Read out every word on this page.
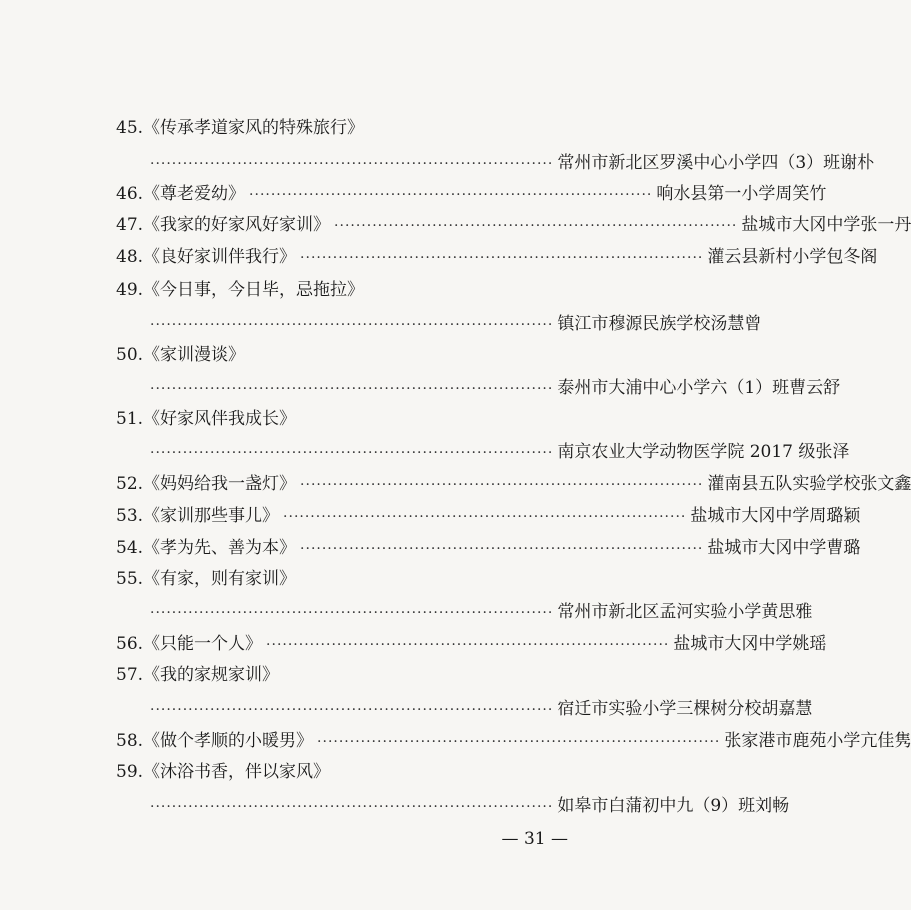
45.《传承孝道家风的特殊旅行》
·········································································· 常州市新北区罗溪中心小学四（3）班谢朴
46. 《尊老爱幼》 ·········································································· 响水县第一小学周笑竹
47. 《我家的好家风好家训》 ·········································································· 盐城市大冈中学张一丹
48. 《良好家训伴我行》 ·········································································· 灌云县新村小学包冬阁
49.《今日事，今日毕，忌拖拉》
·········································································· 镇江市穆源民族学校汤慧曾
50.《家训漫谈》
·········································································· 泰州市大浦中心小学六（1）班曹云舒
51.《好家风伴我成长》
·········································································· 南京农业大学动物医学院 2017 级张泽
52. 《妈妈给我一盏灯》 ·········································································· 灌南县五队实验学校张文鑫
53. 《家训那些事儿》 ·········································································· 盐城市大冈中学周璐颖
54. 《孝为先、善为本》 ·········································································· 盐城市大冈中学曹璐
55.《有家，则有家训》
·········································································· 常州市新北区孟河实验小学黄思雅
56. 《只能一个人》 ·········································································· 盐城市大冈中学姚瑶
57.《我的家规家训》
·········································································· 宿迁市实验小学三棵树分校胡嘉慧
58. 《做个孝顺的小暖男》 ·········································································· 张家港市鹿苑小学亢佳隽
59.《沐浴书香，伴以家风》
·········································································· 如皋市白蒲初中九（9）班刘畅
— 31 —
